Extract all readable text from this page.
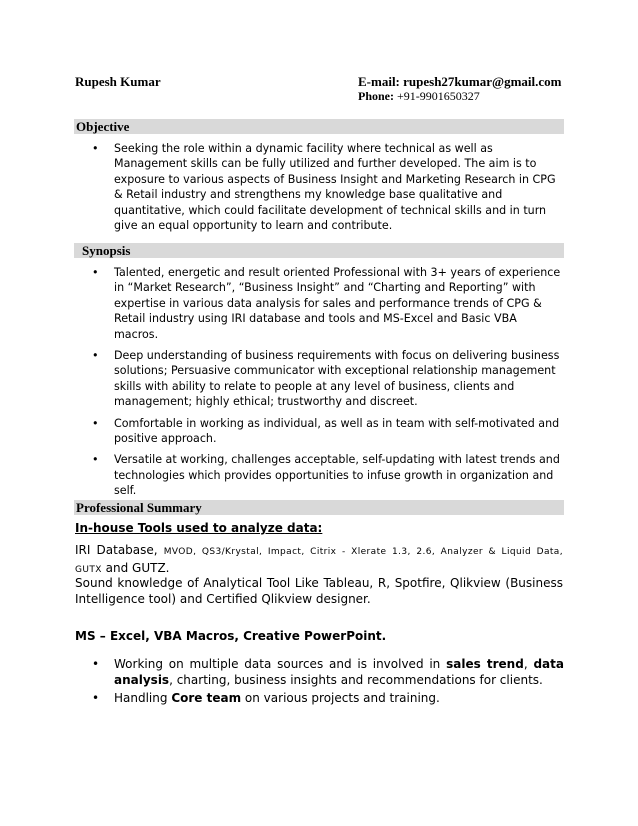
Rupesh Kumar	E-mail: rupesh27kumar@gmail.com
Phone: +91-9901650327
Objective
• Seeking the role within a dynamic facility where technical as well as Management skills can be fully utilized and further developed. The aim is to exposure to various aspects of Business Insight and Marketing Research in CPG & Retail industry and strengthens my knowledge base qualitative and quantitative, which could facilitate development of technical skills and in turn give an equal opportunity to learn and contribute.
Synopsis
• Talented, energetic and result oriented Professional with 3+ years of experience in “Market Research”, “Business Insight” and “Charting and Reporting” with expertise in various data analysis for sales and performance trends of CPG & Retail industry using IRI database and tools and MS-Excel and Basic VBA macros.
• Deep understanding of business requirements with focus on delivering business solutions; Persuasive communicator with exceptional relationship management skills with ability to relate to people at any level of business, clients and management; highly ethical; trustworthy and discreet.
• Comfortable in working as individual, as well as in team with self-motivated and positive approach.
• Versatile at working, challenges acceptable, self-updating with latest trends and technologies which provides opportunities to infuse growth in organization and self.
Professional Summary
In-house Tools used to analyze data:
IRI Database, MVOD, QS3/Krystal, Impact, Citrix - Xlerate 1.3, 2.6, Analyzer & Liquid Data, GUTX and GUTZ.
Sound knowledge of Analytical Tool Like Tableau, R, Spotfire, Qlikview (Business Intelligence tool) and Certified Qlikview designer.
MS – Excel, VBA Macros, Creative PowerPoint.
• Working on multiple data sources and is involved in sales trend, data analysis, charting, business insights and recommendations for clients.
• Handling Core team on various projects and training.
